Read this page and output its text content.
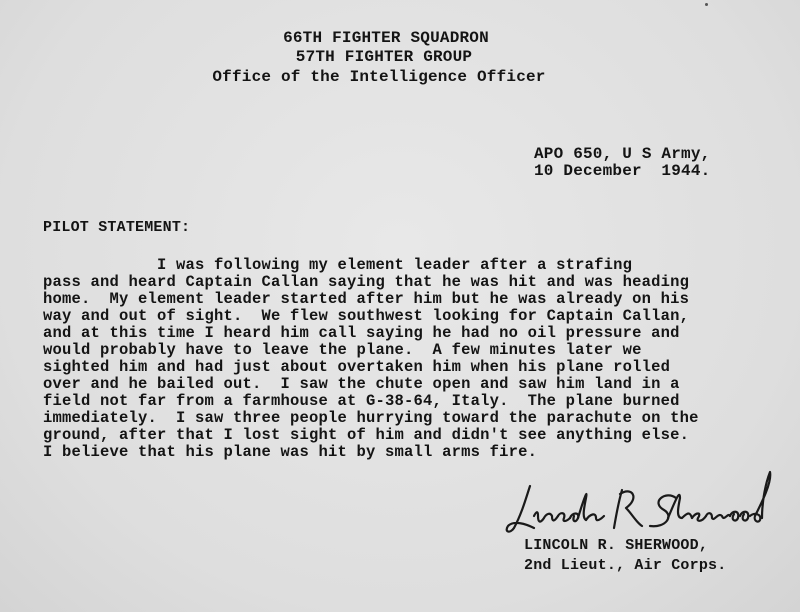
66TH FIGHTER SQUADRON
57TH FIGHTER GROUP
Office of the Intelligence Officer
APO 650, U S Army,
10 December  1944.
PILOT STATEMENT:
I was following my element leader after a strafing
pass and heard Captain Callan saying that he was hit and was heading
home.  My element leader started after him but he was already on his
way and out of sight.  We flew southwest looking for Captain Callan,
and at this time I heard him call saying he had no oil pressure and
would probably have to leave the plane.  A few minutes later we
sighted him and had just about overtaken him when his plane rolled
over and he bailed out.  I saw the chute open and saw him land in a
field not far from a farmhouse at G-38-64, Italy.  The plane burned
immediately.  I saw three people hurrying toward the parachute on the
ground, after that I lost sight of him and didn't see anything else.
I believe that his plane was hit by small arms fire.
LINCOLN R. SHERWOOD,
2nd Lieut., Air Corps.
